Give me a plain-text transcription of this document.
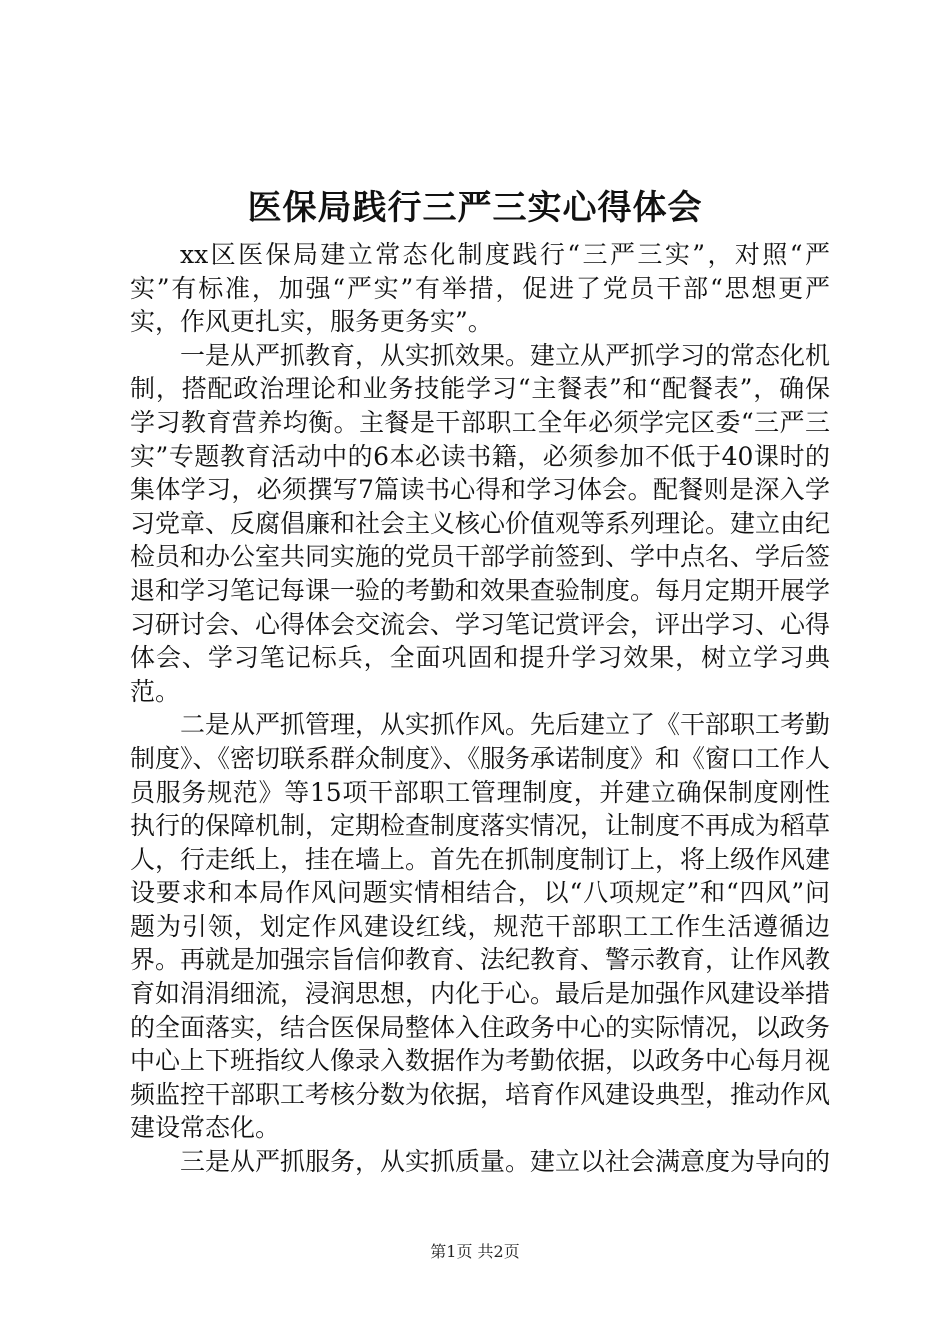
医保局践行三严三实心得体会

xx区医保局建立常态化制度践行“三严三实”，对照“严实”有标准，加强“严实”有举措，促进了党员干部“思想更严实，作风更扎实，服务更务实”。

一是从严抓教育，从实抓效果。建立从严抓学习的常态化机制，搭配政治理论和业务技能学习“主餐表”和“配餐表”，确保学习教育营养均衡。主餐是干部职工全年必须学完区委“三严三实”专题教育活动中的6本必读书籍，必须参加不低于40课时的集体学习，必须撰写7篇读书心得和学习体会。配餐则是深入学习党章、反腐倡廉和社会主义核心价值观等系列理论。建立由纪检员和办公室共同实施的党员干部学前签到、学中点名、学后签退和学习笔记每课一验的考勤和效果查验制度。每月定期开展学习研讨会、心得体会交流会、学习笔记赏评会，评出学习、心得体会、学习笔记标兵，全面巩固和提升学习效果，树立学习典范。

二是从严抓管理，从实抓作风。先后建立了《干部职工考勤制度》、《密切联系群众制度》、《服务承诺制度》和《窗口工作人员服务规范》等15项干部职工管理制度，并建立确保制度刚性执行的保障机制，定期检查制度落实情况，让制度不再成为稻草人，行走纸上，挂在墙上。首先在抓制度制订上，将上级作风建设要求和本局作风问题实情相结合，以“八项规定”和“四风”问题为引领，划定作风建设红线，规范干部职工工作生活遵循边界。再就是加强宗旨信仰教育、法纪教育、警示教育，让作风教育如涓涓细流，浸润思想，内化于心。最后是加强作风建设举措的全面落实，结合医保局整体入住政务中心的实际情况，以政务中心上下班指纹人像录入数据作为考勤依据，以政务中心每月视频监控干部职工考核分数为依据，培育作风建设典型，推动作风建设常态化。

三是从严抓服务，从实抓质量。建立以社会满意度为导向的

第1页 共2页
